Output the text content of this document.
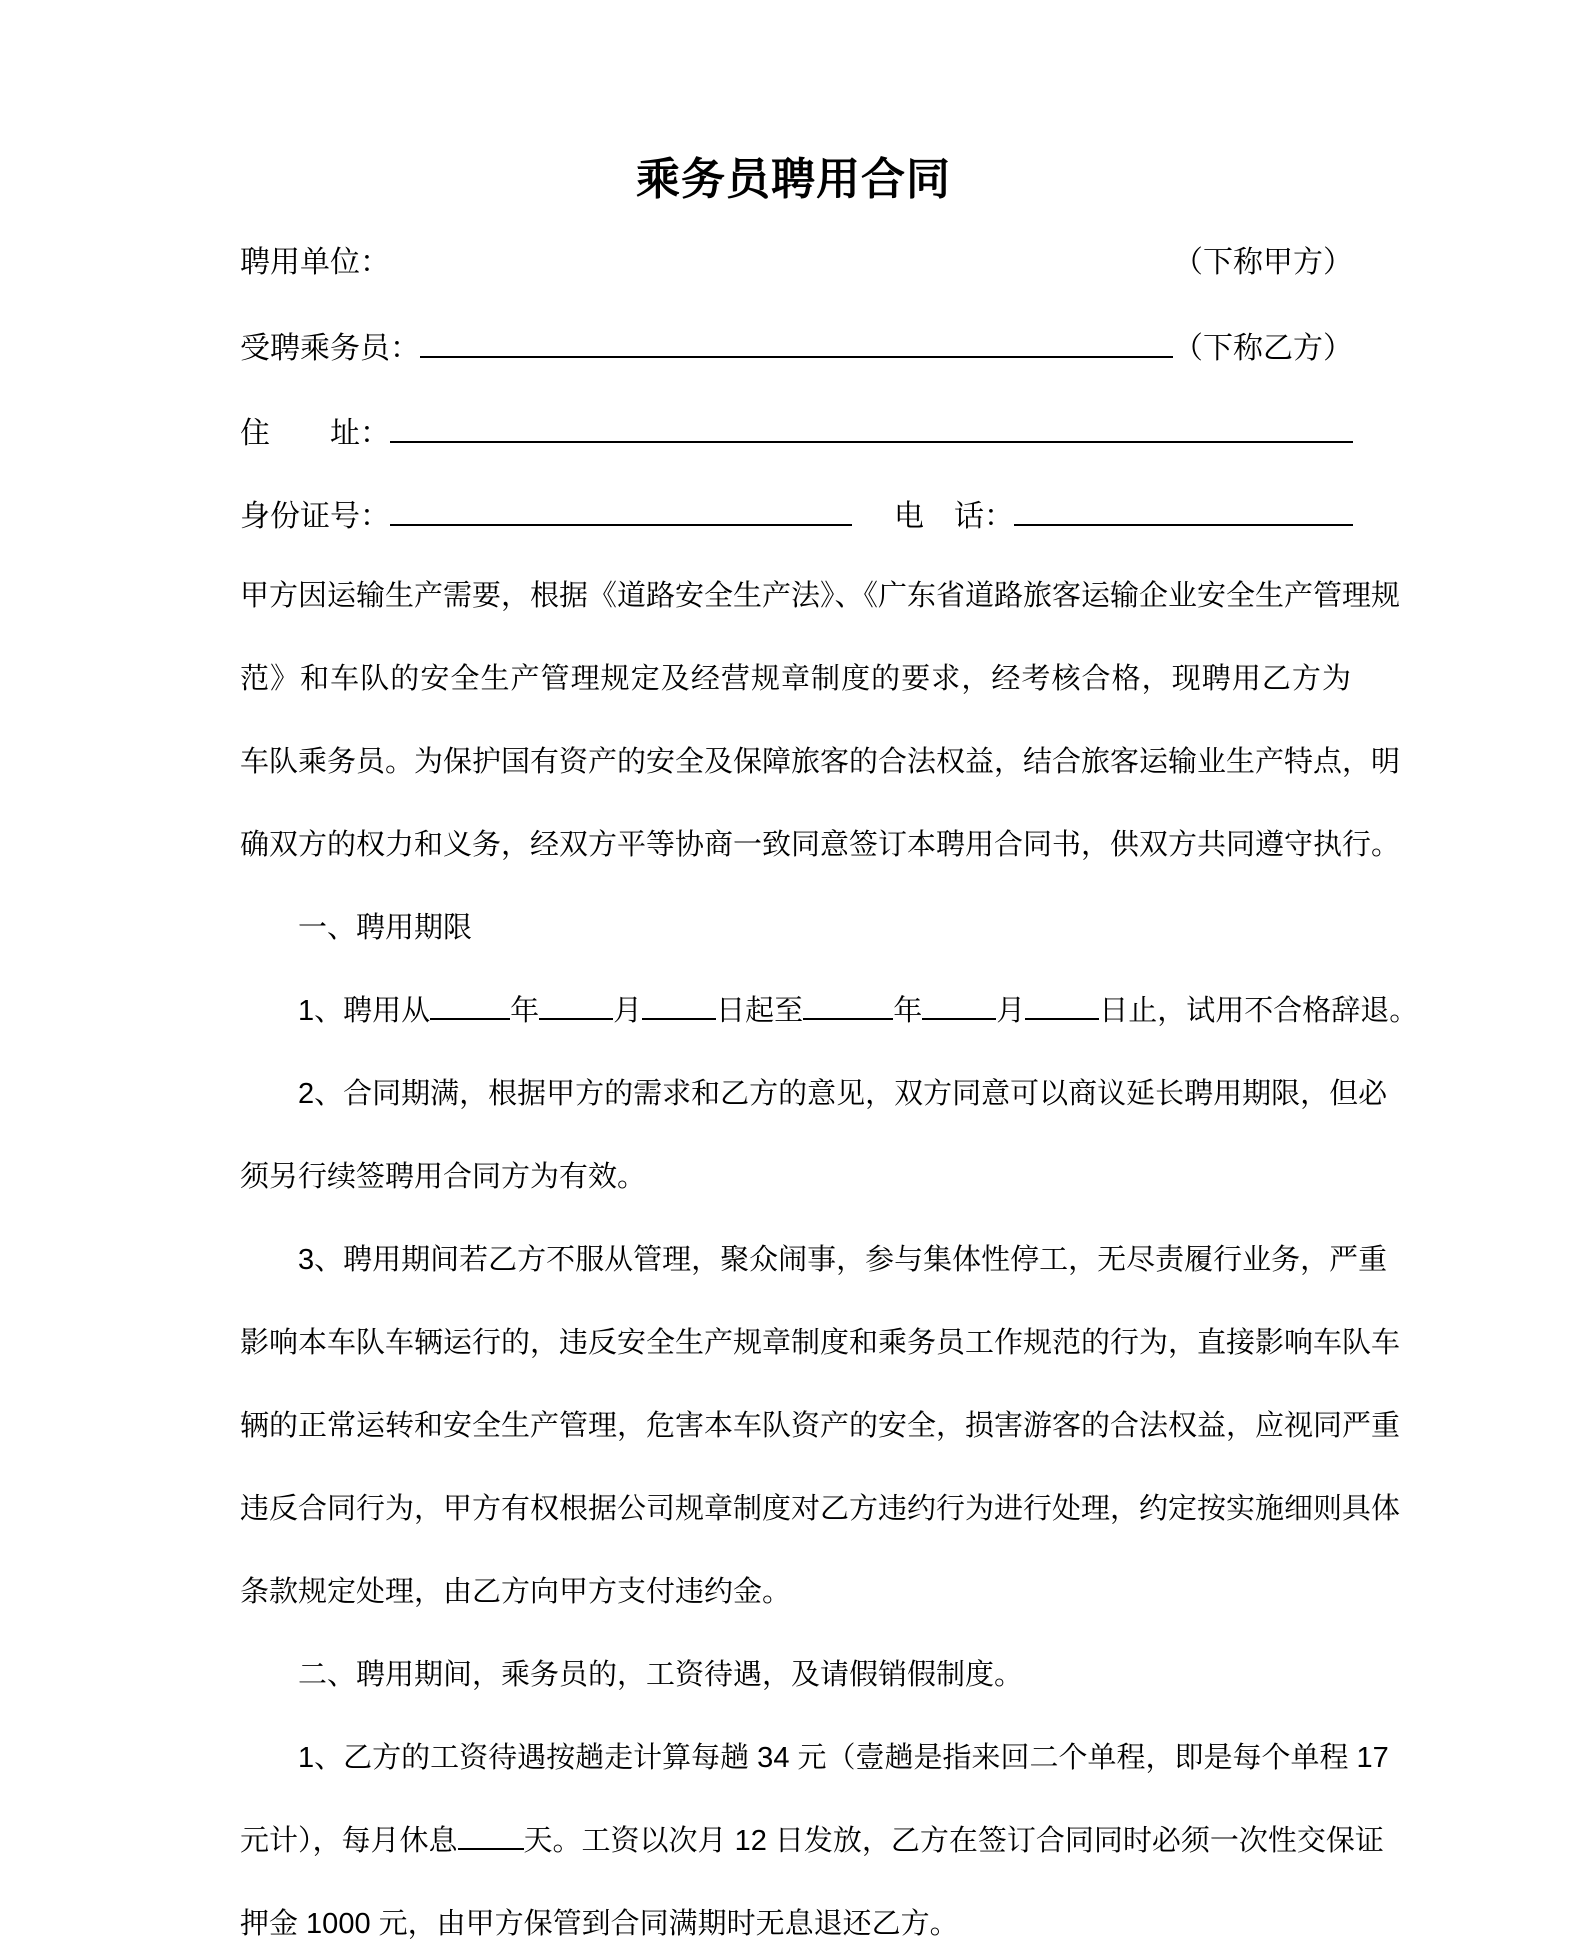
乘务员聘用合同
聘用单位：	（下称甲方）
受聘乘务员：	（下称乙方）
住　　址：
身份证号：	电　话：
甲方因运输生产需要，根据《道路安全生产法》、《广东省道路旅客运输企业安全生产管理规
范》和车队的安全生产管理规定及经营规章制度的要求，经考核合格，现聘用乙方为
车队乘务员。为保护国有资产的安全及保障旅客的合法权益，结合旅客运输业生产特点，明
确双方的权力和义务，经双方平等协商一致同意签订本聘用合同书，供双方共同遵守执行。
一、聘用期限
1、聘用从	年	月	日起至	年	月	日止，试用不合格辞退。
2、合同期满，根据甲方的需求和乙方的意见，双方同意可以商议延长聘用期限，但必
须另行续签聘用合同方为有效。
3、聘用期间若乙方不服从管理，聚众闹事，参与集体性停工，无尽责履行业务，严重
影响本车队车辆运行的，违反安全生产规章制度和乘务员工作规范的行为，直接影响车队车
辆的正常运转和安全生产管理，危害本车队资产的安全，损害游客的合法权益，应视同严重
违反合同行为，甲方有权根据公司规章制度对乙方违约行为进行处理，约定按实施细则具体
条款规定处理，由乙方向甲方支付违约金。
二、聘用期间，乘务员的，工资待遇，及请假销假制度。
1、乙方的工资待遇按趟走计算每趟 34 元（壹趟是指来回二个单程，即是每个单程 17
元计），每月休息 天。工资以次月 12 日发放，乙方在签订合同同时必须一次性交保证
押金 1000 元，由甲方保管到合同满期时无息退还乙方。
